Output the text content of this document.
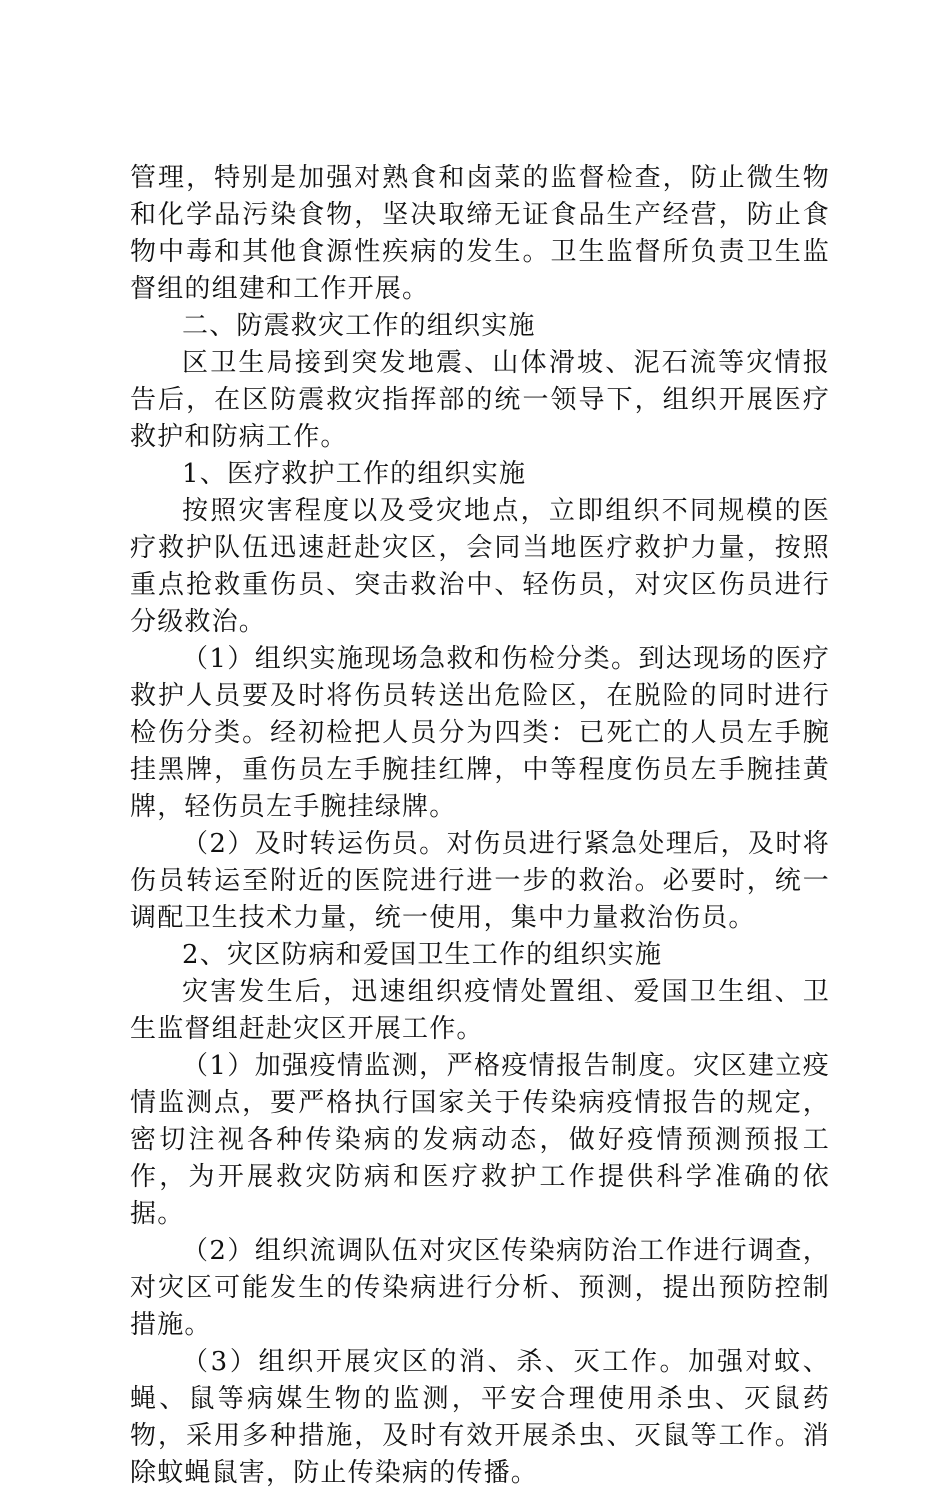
管理，特别是加强对熟食和卤菜的监督检查，防止微生物和化学品污染食物，坚决取缔无证食品生产经营，防止食物中毒和其他食源性疾病的发生。卫生监督所负责卫生监督组的组建和工作开展。

二、防震救灾工作的组织实施

区卫生局接到突发地震、山体滑坡、泥石流等灾情报告后，在区防震救灾指挥部的统一领导下，组织开展医疗救护和防病工作。

1、医疗救护工作的组织实施

按照灾害程度以及受灾地点，立即组织不同规模的医疗救护队伍迅速赶赴灾区，会同当地医疗救护力量，按照重点抢救重伤员、突击救治中、轻伤员，对灾区伤员进行分级救治。

（1）组织实施现场急救和伤检分类。到达现场的医疗救护人员要及时将伤员转送出危险区，在脱险的同时进行检伤分类。经初检把人员分为四类：已死亡的人员左手腕挂黑牌，重伤员左手腕挂红牌，中等程度伤员左手腕挂黄牌，轻伤员左手腕挂绿牌。

（2）及时转运伤员。对伤员进行紧急处理后，及时将伤员转运至附近的医院进行进一步的救治。必要时，统一调配卫生技术力量，统一使用，集中力量救治伤员。

2、灾区防病和爱国卫生工作的组织实施

灾害发生后，迅速组织疫情处置组、爱国卫生组、卫生监督组赶赴灾区开展工作。

（1）加强疫情监测，严格疫情报告制度。灾区建立疫情监测点，要严格执行国家关于传染病疫情报告的规定，密切注视各种传染病的发病动态，做好疫情预测预报工作，为开展救灾防病和医疗救护工作提供科学准确的依据。

（2）组织流调队伍对灾区传染病防治工作进行调查，对灾区可能发生的传染病进行分析、预测，提出预防控制措施。

（3）组织开展灾区的消、杀、灭工作。加强对蚊、蝇、鼠等病媒生物的监测，平安合理使用杀虫、灭鼠药物，采用多种措施，及时有效开展杀虫、灭鼠等工作。消除蚊蝇鼠害，防止传染病的传播。
